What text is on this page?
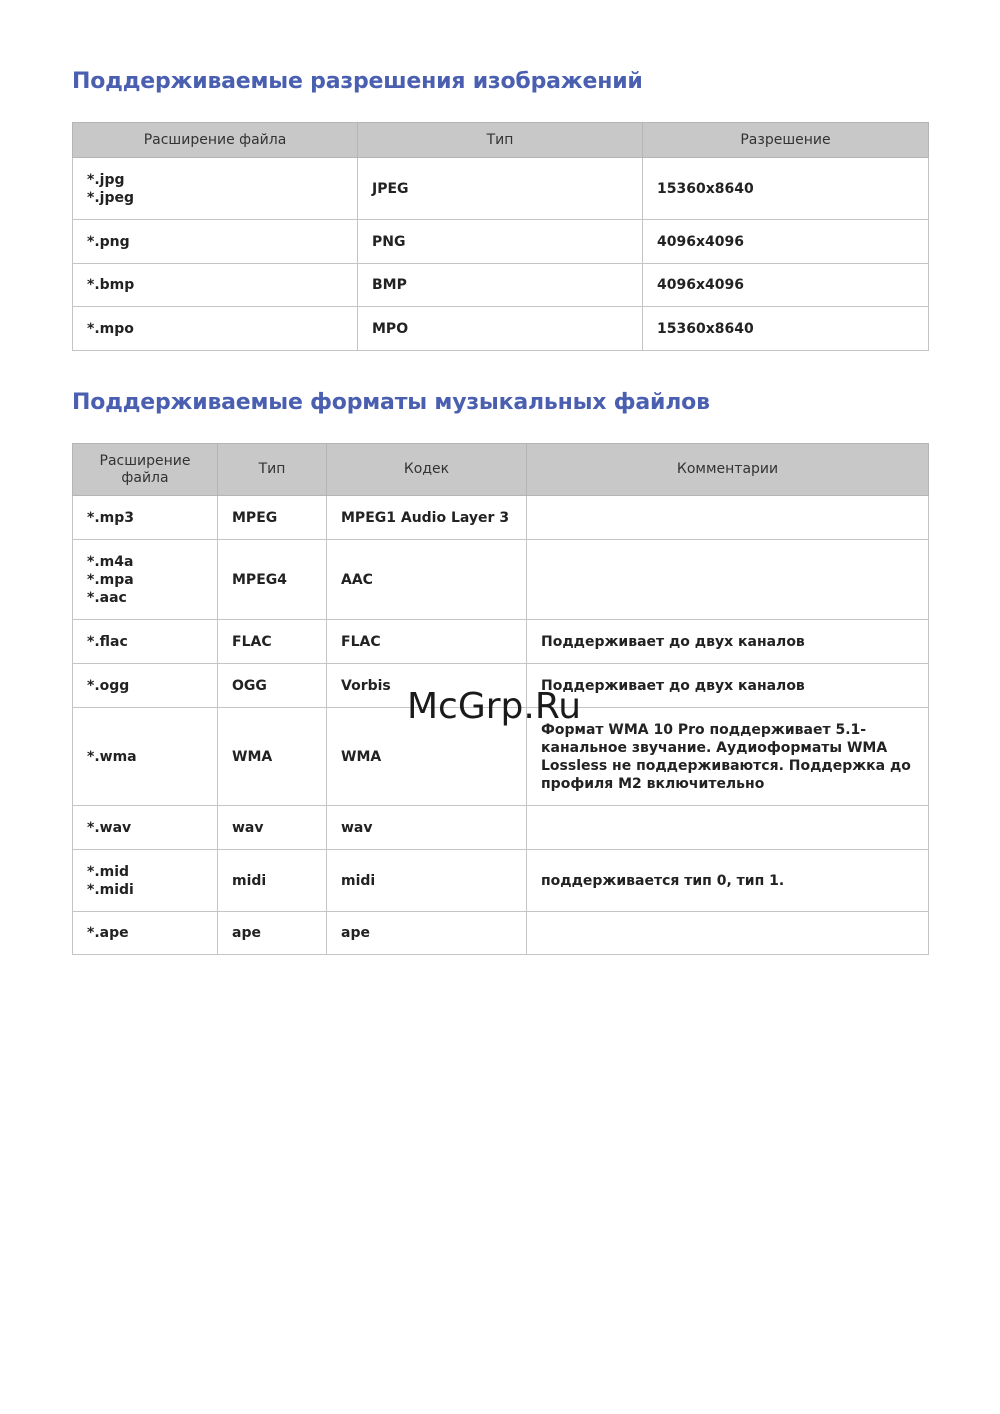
Поддерживаемые разрешения изображений
Расширение файла	Тип	Разрешение

*.jpg
*.jpeg	JPEG	15360x8640

*.png	PNG	4096x4096

*.bmp	BMP	4096x4096

*.mpo	MPO	15360x8640
Поддерживаемые форматы музыкальных файлов
Расширение файла	Тип	Кодек	Комментарии

*.mp3	MPEG	MPEG1 Audio Layer 3	

*.m4a
*.mpa
*.aac	MPEG4	AAC	

*.flac	FLAC	FLAC	Поддерживает до двух каналов

*.ogg	OGG	Vorbis	Поддерживает до двух каналов

*.wma	WMA	WMA	Формат WMA 10 Pro поддерживает 5.1-канальное звучание. Аудиоформаты WMA Lossless не поддерживаются. Поддержка до профиля M2 включительно

*.wav	wav	wav	

*.mid
*.midi	midi	midi	поддерживается тип 0, тип 1.

*.ape	ape	ape	
McGrp.Ru
